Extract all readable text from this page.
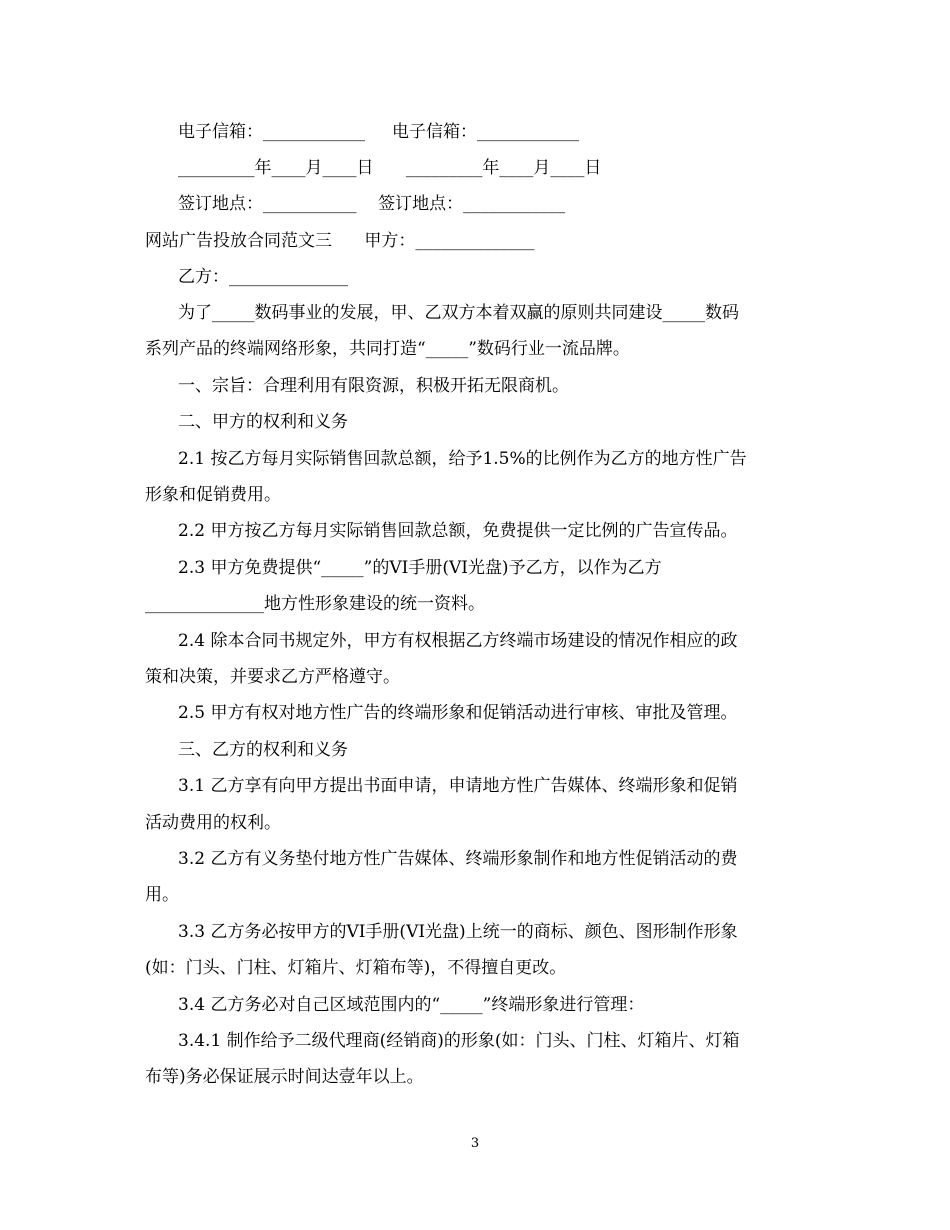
电子信箱：____________     电子信箱：____________
_________年____月____日      _________年____月____日
签订地点：___________    签订地点：____________
网站广告投放合同范文三      甲方：______________
乙方：______________
为了_____数码事业的发展，甲、乙双方本着双赢的原则共同建设_____数码
系列产品的终端网络形象，共同打造“_____”数码行业一流品牌。
一、宗旨：合理利用有限资源，积极开拓无限商机。
二、甲方的权利和义务
2.1 按乙方每月实际销售回款总额，给予1.5%的比例作为乙方的地方性广告
形象和促销费用。
2.2 甲方按乙方每月实际销售回款总额，免费提供一定比例的广告宣传品。
2.3 甲方免费提供“_____”的VI手册(VI光盘)予乙方，以作为乙方
______________地方性形象建设的统一资料。
2.4 除本合同书规定外，甲方有权根据乙方终端市场建设的情况作相应的政
策和决策，并要求乙方严格遵守。
2.5 甲方有权对地方性广告的终端形象和促销活动进行审核、审批及管理。
三、乙方的权利和义务
3.1 乙方享有向甲方提出书面申请，申请地方性广告媒体、终端形象和促销
活动费用的权利。
3.2 乙方有义务垫付地方性广告媒体、终端形象制作和地方性促销活动的费
用。
3.3 乙方务必按甲方的VI手册(VI光盘)上统一的商标、颜色、图形制作形象
(如：门头、门柱、灯箱片、灯箱布等)，不得擅自更改。
3.4 乙方务必对自己区域范围内的“_____”终端形象进行管理：
3.4.1 制作给予二级代理商(经销商)的形象(如：门头、门柱、灯箱片、灯箱
布等)务必保证展示时间达壹年以上。
3
